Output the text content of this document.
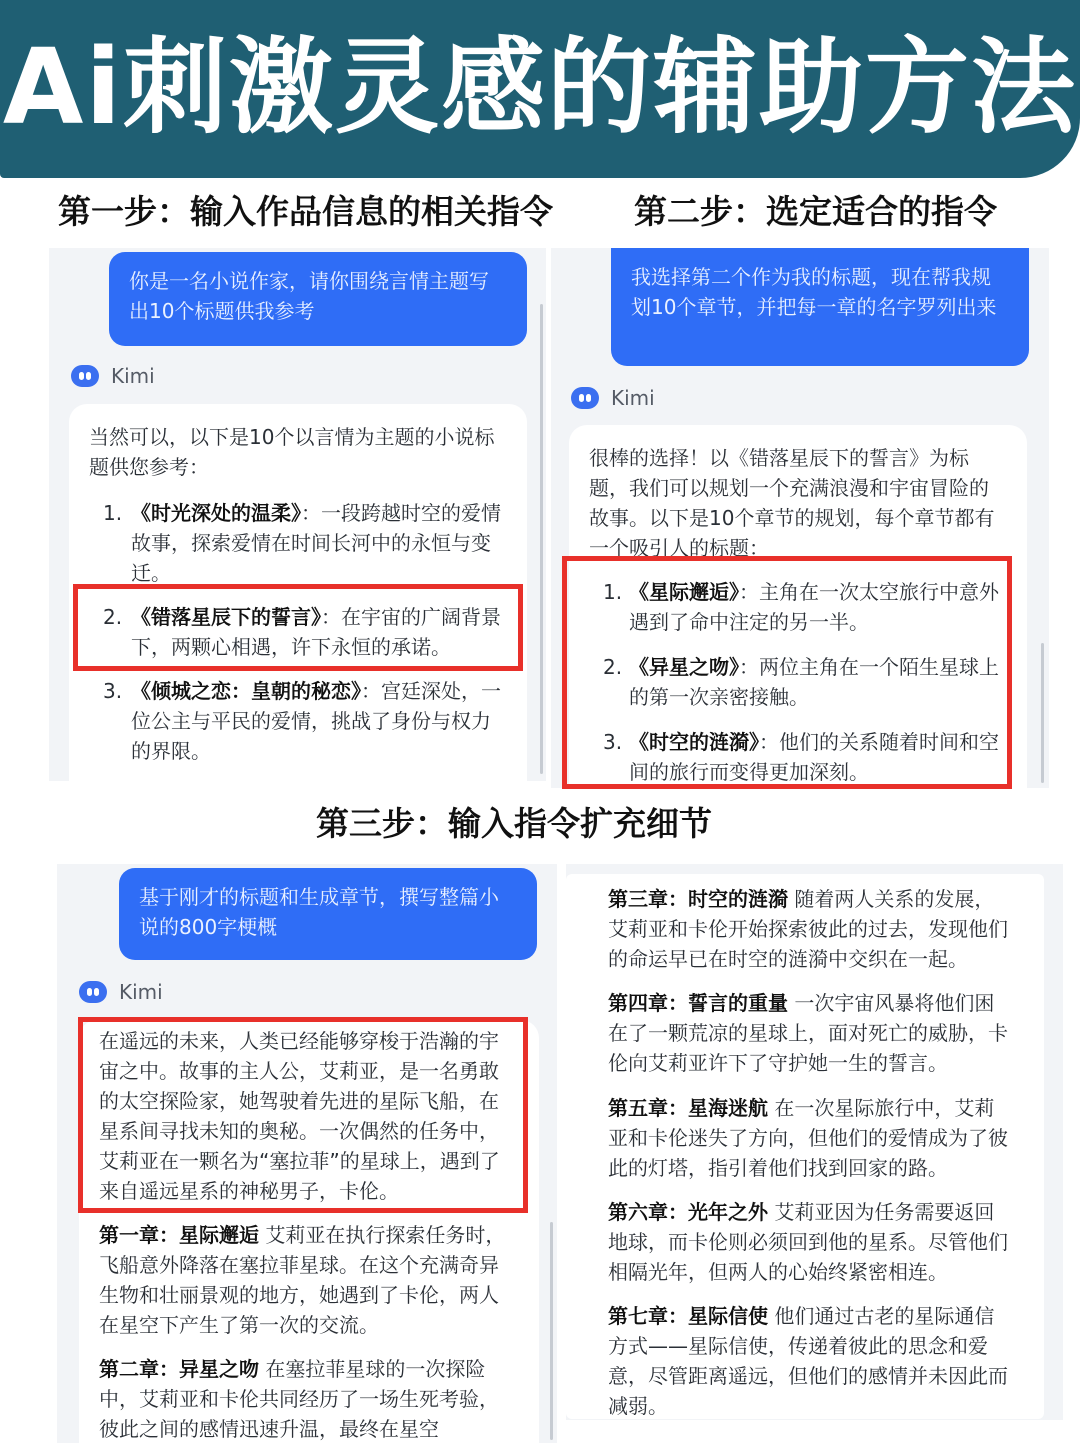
Ai刺激灵感的辅助方法
第一步：输入作品信息的相关指令 第二步：选定适合的指令
第三步：输入指令扩充细节
你是一名小说作家，请你围绕言情主题写出10个标题供我参考
Kimi
当然可以，以下是10个以言情为主题的小说标题供您参考：
1. 《时光深处的温柔》：一段跨越时空的爱情故事，探索爱情在时间长河中的永恒与变迁。
2. 《错落星辰下的誓言》：在宇宙的广阔背景下，两颗心相遇，许下永恒的承诺。
3. 《倾城之恋：皇朝的秘恋》：宫廷深处，一位公主与平民的爱情，挑战了身份与权力的界限。
我选择第二个作为我的标题，现在帮我规划10个章节，并把每一章的名字罗列出来
Kimi
很棒的选择！以《错落星辰下的誓言》为标题，我们可以规划一个充满浪漫和宇宙冒险的故事。以下是10个章节的规划，每个章节都有一个吸引人的标题：
1. 《星际邂逅》：主角在一次太空旅行中意外遇到了命中注定的另一半。
2. 《异星之吻》：两位主角在一个陌生星球上的第一次亲密接触。
3. 《时空的涟漪》：他们的关系随着时间和空间的旅行而变得更加深刻。
基于刚才的标题和生成章节，撰写整篇小说的800字梗概
Kimi
在遥远的未来，人类已经能够穿梭于浩瀚的宇宙之中。故事的主人公，艾莉亚，是一名勇敢的太空探险家，她驾驶着先进的星际飞船，在星系间寻找未知的奥秘。一次偶然的任务中，艾莉亚在一颗名为“塞拉菲”的星球上，遇到了来自遥远星系的神秘男子，卡伦。
第一章：星际邂逅 艾莉亚在执行探索任务时，飞船意外降落在塞拉菲星球。在这个充满奇异生物和壮丽景观的地方，她遇到了卡伦，两人在星空下产生了第一次的交流。
第二章：异星之吻 在塞拉菲星球的一次探险中，艾莉亚和卡伦共同经历了一场生死考验，彼此之间的感情迅速升温，最终在星空
第三章：时空的涟漪 随着两人关系的发展，艾莉亚和卡伦开始探索彼此的过去，发现他们的命运早已在时空的涟漪中交织在一起。
第四章：誓言的重量 一次宇宙风暴将他们困在了一颗荒凉的星球上，面对死亡的威胁，卡伦向艾莉亚许下了守护她一生的誓言。
第五章：星海迷航 在一次星际旅行中，艾莉亚和卡伦迷失了方向，但他们的爱情成为了彼此的灯塔，指引着他们找到回家的路。
第六章：光年之外 艾莉亚因为任务需要返回地球，而卡伦则必须回到他的星系。尽管他们相隔光年，但两人的心始终紧密相连。
第七章：星际信使 他们通过古老的星际通信方式——星际信使，传递着彼此的思念和爱意，尽管距离遥远，但他们的感情并未因此而减弱。
